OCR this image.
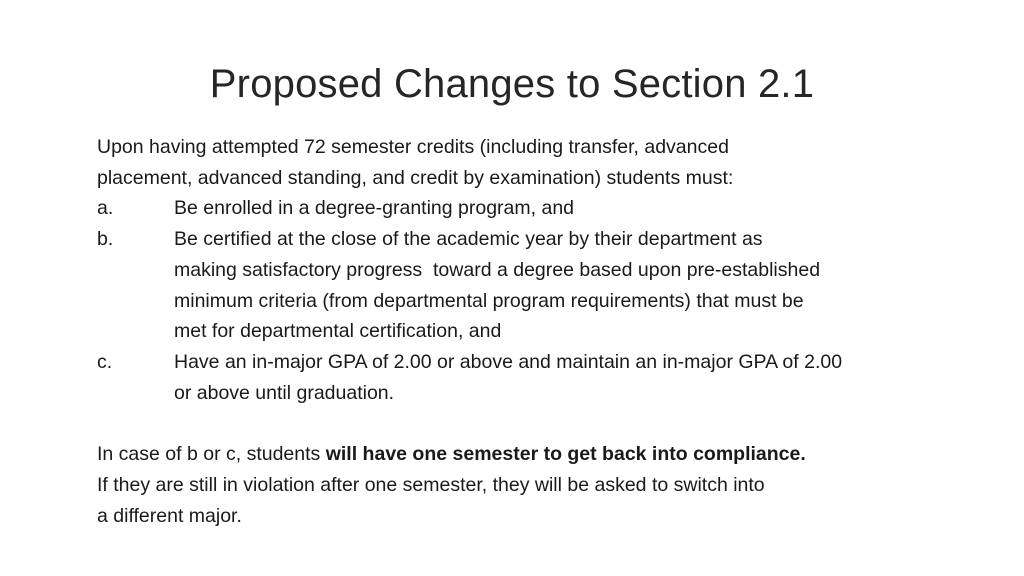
Proposed Changes to Section 2.1

Upon having attempted 72 semester credits (including transfer, advanced
placement, advanced standing, and credit by examination) students must:

a.	Be enrolled in a degree-granting program, and
b.	Be certified at the close of the academic year by their department as
making satisfactory progress  toward a degree based upon pre-established
minimum criteria (from departmental program requirements) that must be
met for departmental certification, and
c.	Have an in-major GPA of 2.00 or above and maintain an in-major GPA of 2.00
or above until graduation.

In case of b or c, students will have one semester to get back into compliance.
If they are still in violation after one semester, they will be asked to switch into
a different major.
